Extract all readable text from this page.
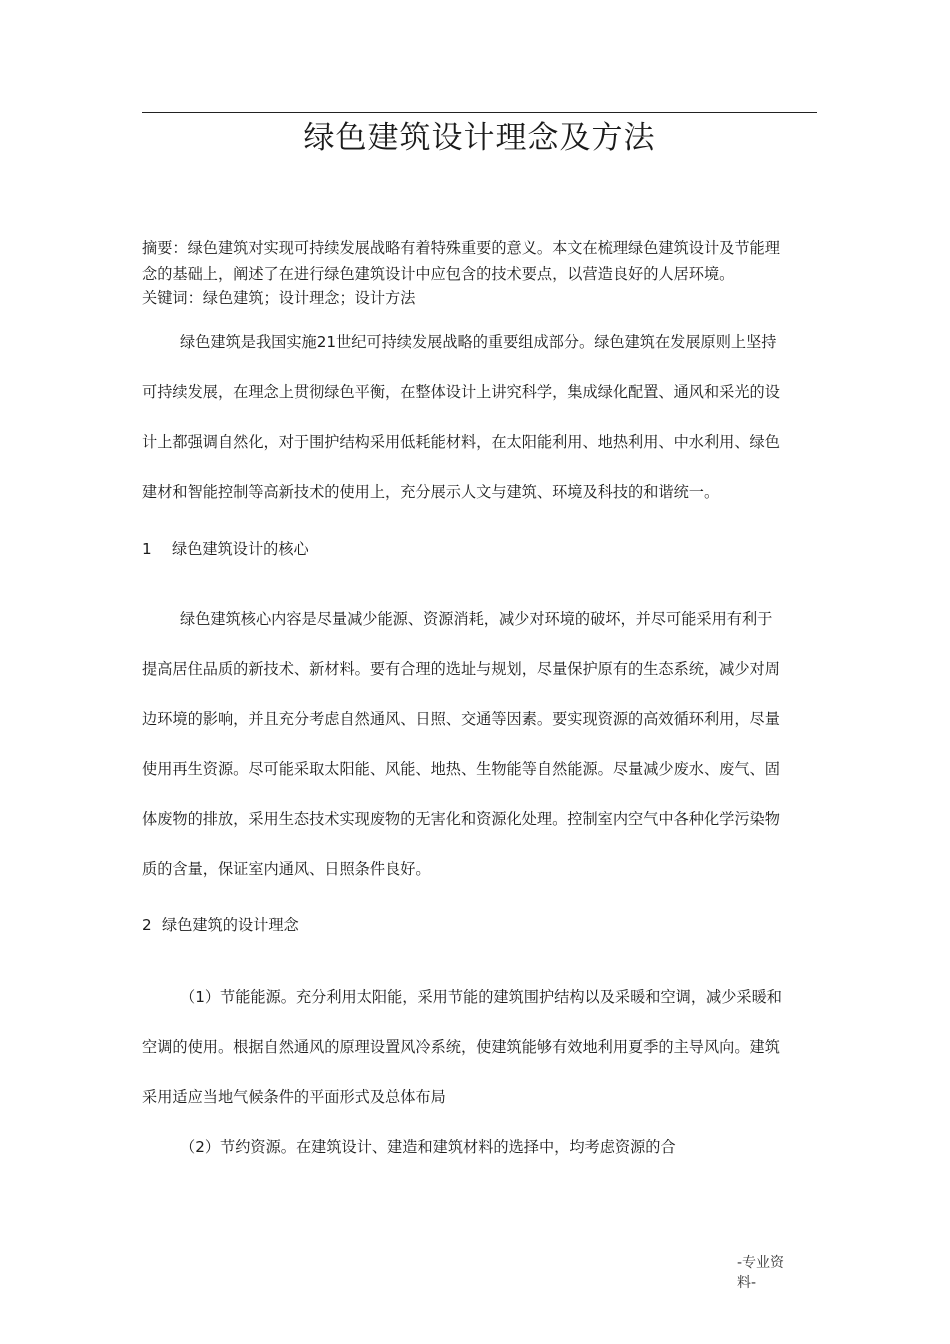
绿色建筑设计理念及方法
摘要：绿色建筑对实现可持续发展战略有着特殊重要的意义。本文在梳理绿色建筑设计及节能理
念的基础上，阐述了在进行绿色建筑设计中应包含的技术要点，以营造良好的人居环境。
关键词：绿色建筑；设计理念；设计方法
绿色建筑是我国实施21世纪可持续发展战略的重要组成部分。绿色建筑在发展原则上坚持
可持续发展，在理念上贯彻绿色平衡，在整体设计上讲究科学，集成绿化配置、通风和采光的设
计上都强调自然化，对于围护结构采用低耗能材料，在太阳能利用、地热利用、中水利用、绿色
建材和智能控制等高新技术的使用上，充分展示人文与建筑、环境及科技的和谐统一。
1 绿色建筑设计的核心
绿色建筑核心内容是尽量减少能源、资源消耗，减少对环境的破坏，并尽可能采用有利于
提高居住品质的新技术、新材料。要有合理的选址与规划，尽量保护原有的生态系统，减少对周
边环境的影响，并且充分考虑自然通风、日照、交通等因素。要实现资源的高效循环利用，尽量
使用再生资源。尽可能采取太阳能、风能、地热、生物能等自然能源。尽量减少废水、废气、固
体废物的排放，采用生态技术实现废物的无害化和资源化处理。控制室内空气中各种化学污染物
质的含量，保证室内通风、日照条件良好。
2 绿色建筑的设计理念
（1）节能能源。充分利用太阳能，采用节能的建筑围护结构以及采暖和空调，减少采暖和
空调的使用。根据自然通风的原理设置风冷系统，使建筑能够有效地利用夏季的主导风向。建筑
采用适应当地气候条件的平面形式及总体布局
（2）节约资源。在建筑设计、建造和建筑材料的选择中，均考虑资源的合
-专业资
料-
